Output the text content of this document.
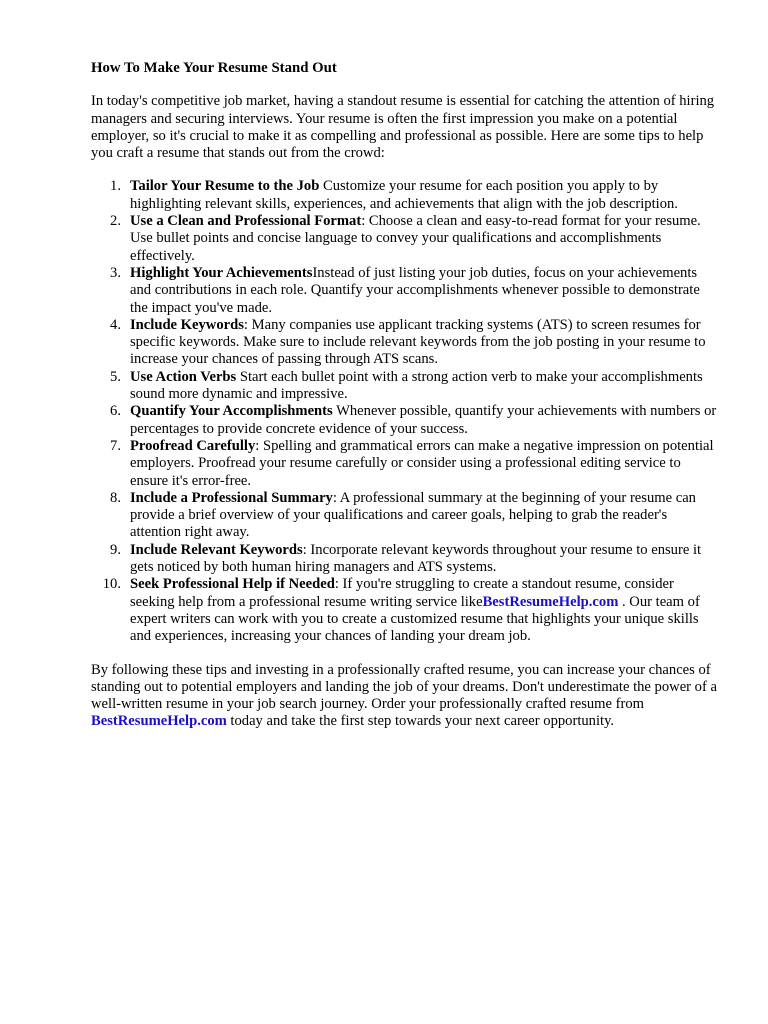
How To Make Your Resume Stand Out

In today's competitive job market, having a standout resume is essential for catching the attention of hiring managers and securing interviews. Your resume is often the first impression you make on a potential employer, so it's crucial to make it as compelling and professional as possible. Here are some tips to help you craft a resume that stands out from the crowd:

1. Tailor Your Resume to the Job Customize your resume for each position you apply to by highlighting relevant skills, experiences, and achievements that align with the job description.
2. Use a Clean and Professional Format: Choose a clean and easy-to-read format for your resume. Use bullet points and concise language to convey your qualifications and accomplishments effectively.
3. Highlight Your AchievementsInstead of just listing your job duties, focus on your achievements and contributions in each role. Quantify your accomplishments whenever possible to demonstrate the impact you've made.
4. Include Keywords: Many companies use applicant tracking systems (ATS) to screen resumes for specific keywords. Make sure to include relevant keywords from the job posting in your resume to increase your chances of passing through ATS scans.
5. Use Action Verbs Start each bullet point with a strong action verb to make your accomplishments sound more dynamic and impressive.
6. Quantify Your Accomplishments Whenever possible, quantify your achievements with numbers or percentages to provide concrete evidence of your success.
7. Proofread Carefully: Spelling and grammatical errors can make a negative impression on potential employers. Proofread your resume carefully or consider using a professional editing service to ensure it's error-free.
8. Include a Professional Summary: A professional summary at the beginning of your resume can provide a brief overview of your qualifications and career goals, helping to grab the reader's attention right away.
9. Include Relevant Keywords: Incorporate relevant keywords throughout your resume to ensure it gets noticed by both human hiring managers and ATS systems.
10. Seek Professional Help if Needed: If you're struggling to create a standout resume, consider seeking help from a professional resume writing service likeBestResumeHelp.com . Our team of expert writers can work with you to create a customized resume that highlights your unique skills and experiences, increasing your chances of landing your dream job.

By following these tips and investing in a professionally crafted resume, you can increase your chances of standing out to potential employers and landing the job of your dreams. Don't underestimate the power of a well-written resume in your job search journey. Order your professionally crafted resume from BestResumeHelp.com today and take the first step towards your next career opportunity.
